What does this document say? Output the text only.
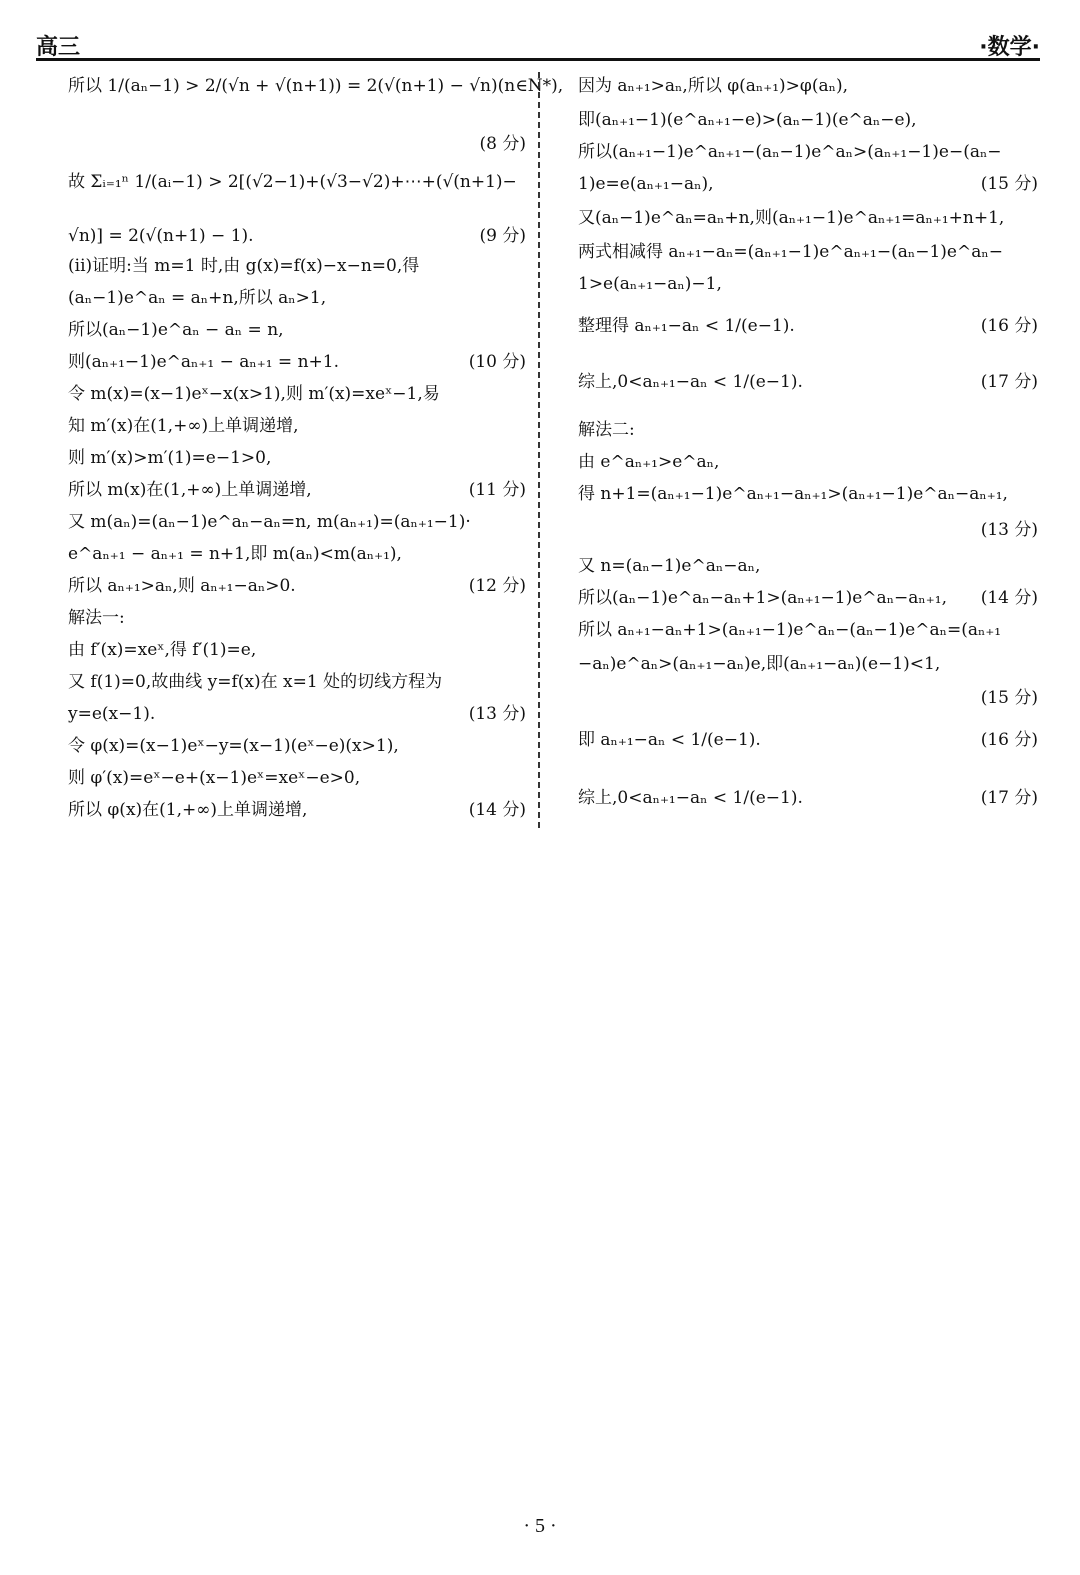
高三	·数学·
所以 1/(aₙ−1) > 2/(√n + √(n+1)) = 2(√(n+1) − √n)(n∈N*),
(8 分)
故 Σᵢ₌₁ⁿ 1/(aᵢ−1) > 2[(√2−1)+(√3−√2)+⋯+(√(n+1)−
√n)] = 2(√(n+1) − 1).	(9 分)
(ii)证明:当 m=1 时,由 g(x)=f(x)−x−n=0,得
(aₙ−1)e^aₙ = aₙ+n,所以 aₙ>1,
所以(aₙ−1)e^aₙ − aₙ = n,
则(aₙ₊₁−1)e^aₙ₊₁ − aₙ₊₁ = n+1.	(10 分)
令 m(x)=(x−1)eˣ−x(x>1),则 m′(x)=xeˣ−1,易
知 m′(x)在(1,+∞)上单调递增,
则 m′(x)>m′(1)=e−1>0,
所以 m(x)在(1,+∞)上单调递增,	(11 分)
又 m(aₙ)=(aₙ−1)e^aₙ−aₙ=n, m(aₙ₊₁)=(aₙ₊₁−1)·
e^aₙ₊₁ − aₙ₊₁ = n+1,即 m(aₙ)<m(aₙ₊₁),
所以 aₙ₊₁>aₙ,则 aₙ₊₁−aₙ>0.	(12 分)
解法一:
由 f′(x)=xeˣ,得 f′(1)=e,
又 f(1)=0,故曲线 y=f(x)在 x=1 处的切线方程为
y=e(x−1).	(13 分)
令 φ(x)=(x−1)eˣ−y=(x−1)(eˣ−e)(x>1),
则 φ′(x)=eˣ−e+(x−1)eˣ=xeˣ−e>0,
所以 φ(x)在(1,+∞)上单调递增,	(14 分)
因为 aₙ₊₁>aₙ,所以 φ(aₙ₊₁)>φ(aₙ),
即(aₙ₊₁−1)(e^aₙ₊₁−e)>(aₙ−1)(e^aₙ−e),
所以(aₙ₊₁−1)e^aₙ₊₁−(aₙ−1)e^aₙ>(aₙ₊₁−1)e−(aₙ−
1)e=e(aₙ₊₁−aₙ),	(15 分)
又(aₙ−1)e^aₙ=aₙ+n,则(aₙ₊₁−1)e^aₙ₊₁=aₙ₊₁+n+1,
两式相减得 aₙ₊₁−aₙ=(aₙ₊₁−1)e^aₙ₊₁−(aₙ−1)e^aₙ−
1>e(aₙ₊₁−aₙ)−1,
整理得 aₙ₊₁−aₙ < 1/(e−1).	(16 分)
综上,0<aₙ₊₁−aₙ < 1/(e−1).	(17 分)
解法二:
由 e^aₙ₊₁>e^aₙ,
得 n+1=(aₙ₊₁−1)e^aₙ₊₁−aₙ₊₁>(aₙ₊₁−1)e^aₙ−aₙ₊₁,
(13 分)
又 n=(aₙ−1)e^aₙ−aₙ,
所以(aₙ−1)e^aₙ−aₙ+1>(aₙ₊₁−1)e^aₙ−aₙ₊₁, (14 分)
所以 aₙ₊₁−aₙ+1>(aₙ₊₁−1)e^aₙ−(aₙ−1)e^aₙ=(aₙ₊₁
−aₙ)e^aₙ>(aₙ₊₁−aₙ)e,即(aₙ₊₁−aₙ)(e−1)<1,
(15 分)
即 aₙ₊₁−aₙ < 1/(e−1).	(16 分)
综上,0<aₙ₊₁−aₙ < 1/(e−1).	(17 分)
· 5 ·
